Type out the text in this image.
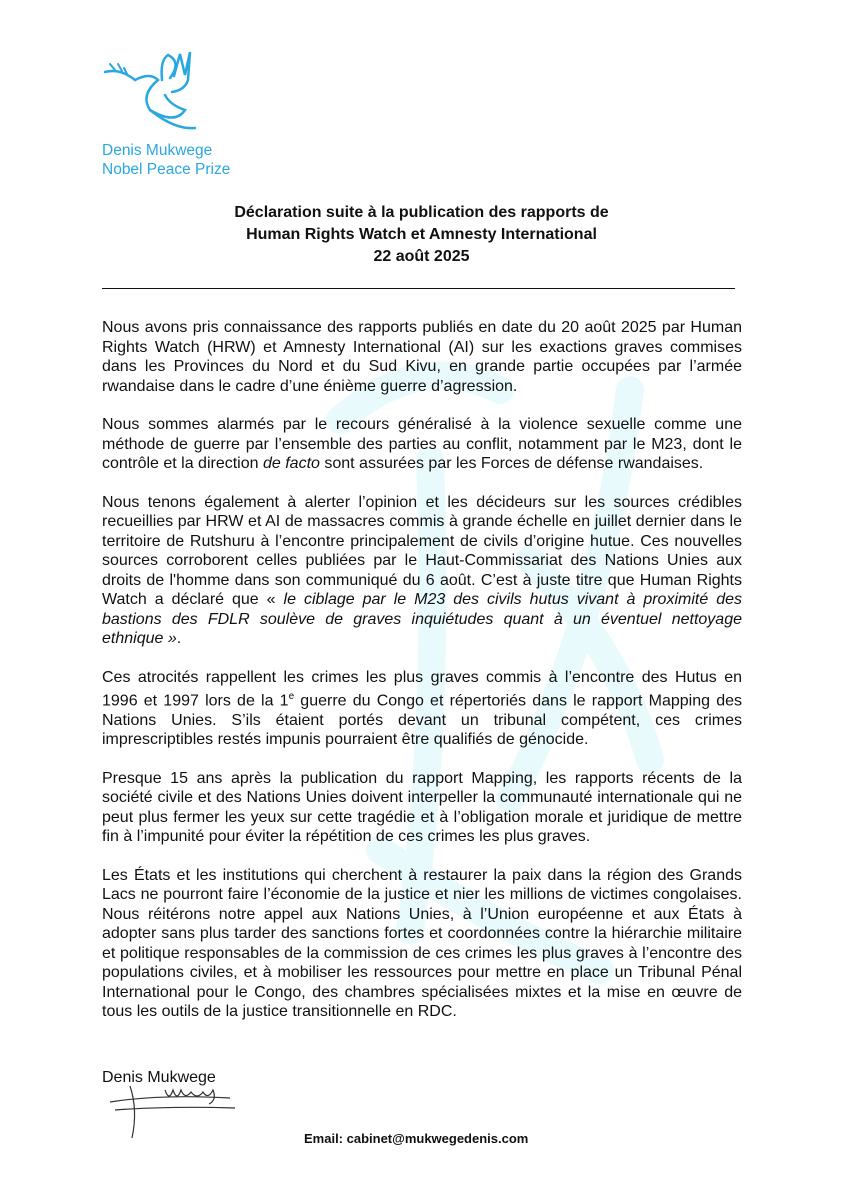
Denis Mukwege
Nobel Peace Prize
Déclaration suite à la publication des rapports de
Human Rights Watch et Amnesty International
22 août 2025

Nous avons pris connaissance des rapports publiés en date du 20 août 2025 par Human Rights Watch (HRW) et Amnesty International (AI) sur les exactions graves commises dans les Provinces du Nord et du Sud Kivu, en grande partie occupées par l’armée rwandaise dans le cadre d’une énième guerre d’agression.

Nous sommes alarmés par le recours généralisé à la violence sexuelle comme une méthode de guerre par l’ensemble des parties au conflit, notamment par le M23, dont le contrôle et la direction de facto sont assurées par les Forces de défense rwandaises.

Nous tenons également à alerter l’opinion et les décideurs sur les sources crédibles recueillies par HRW et AI de massacres commis à grande échelle en juillet dernier dans le territoire de Rutshuru à l’encontre principalement de civils d’origine hutue. Ces nouvelles sources corroborent celles publiées par le Haut-Commissariat des Nations Unies aux droits de l'homme dans son communiqué du 6 août. C’est à juste titre que Human Rights Watch a déclaré que « le ciblage par le M23 des civils hutus vivant à proximité des bastions des FDLR soulève de graves inquiétudes quant à un éventuel nettoyage ethnique ».

Ces atrocités rappellent les crimes les plus graves commis à l’encontre des Hutus en 1996 et 1997 lors de la 1e guerre du Congo et répertoriés dans le rapport Mapping des Nations Unies. S’ils étaient portés devant un tribunal compétent, ces crimes imprescriptibles restés impunis pourraient être qualifiés de génocide.

Presque 15 ans après la publication du rapport Mapping, les rapports récents de la société civile et des Nations Unies doivent interpeller la communauté internationale qui ne peut plus fermer les yeux sur cette tragédie et à l’obligation morale et juridique de mettre fin à l’impunité pour éviter la répétition de ces crimes les plus graves.

Les États et les institutions qui cherchent à restaurer la paix dans la région des Grands Lacs ne pourront faire l’économie de la justice et nier les millions de victimes congolaises. Nous réitérons notre appel aux Nations Unies, à l’Union européenne et aux États à adopter sans plus tarder des sanctions fortes et coordonnées contre la hiérarchie militaire et politique responsables de la commission de ces crimes les plus graves à l’encontre des populations civiles, et à mobiliser les ressources pour mettre en place un Tribunal Pénal International pour le Congo, des chambres spécialisées mixtes et la mise en œuvre de tous les outils de la justice transitionnelle en RDC.

Denis Mukwege
Email: cabinet@mukwegedenis.com
